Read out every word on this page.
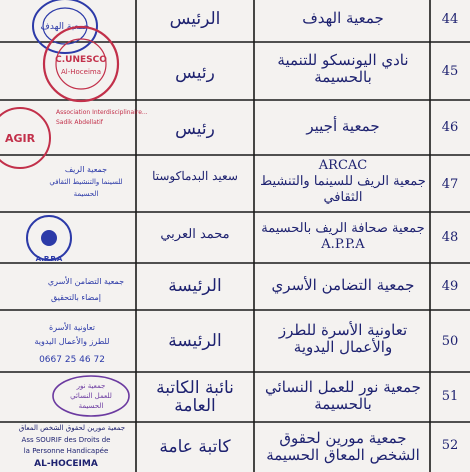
44
جمعية الهدف
الرئيس
45
نادي اليونسكو للتنمية
بالحسيمة
رئيس
46
جمعية أجيير
رئيس
47
ARCAC
جمعية الريف للسينما والتنشيط
الثقافي
سعيد البدماكوستا
48
جمعية صحافة الريف بالحسيمة
A.P.P.A
محمد العربي
49
جمعية التضامن الأسري
الرئيسة
50
تعاونية الأسرة للطرز
والأعمال اليدوية
الرئيسة
51
جمعية نور للعمل النسائي
بالحسيمة
نائبة الكاتبة العامة
52
جمعية مورين لحقوق
الشخص المعاق الحسيمة
كاتبة عامة
جمعية الهدف
C.UNESCO
Al-Hoceima
AGIR
Association Interdisciplinaire...
Sadik Abdellatif
جمعية الريف
للسينما والتنشيط الثقافي
الحسيمة
A.P.P.A
جمعية التضامن الأسري
إمضاء بالتحقيق
تعاونية الأسرة
للطرز والأعمال اليدوية
0667 25 46 72
جمعية نور
للعمل النسائي
الحسيمة
جمعية مورين لحقوق الشخص المعاق
Ass SOURIF des Droits de
la Personne Handicapée
AL-HOCEIMA
